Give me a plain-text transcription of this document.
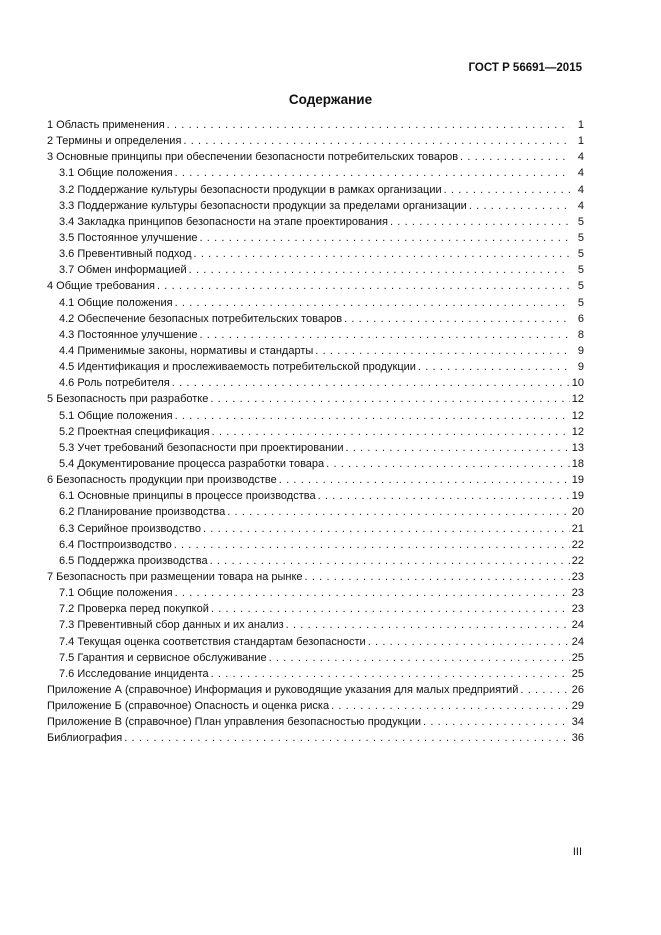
ГОСТ Р 56691—2015
Содержание
1 Область применения . . .	1
2 Термины и определения . . .	1
3 Основные принципы при обеспечении безопасности потребительских товаров . . .	4
3.1 Общие положения . . .	4
3.2 Поддержание культуры безопасности продукции в рамках организации . . .	4
3.3 Поддержание культуры безопасности продукции за пределами организации . . .	4
3.4 Закладка принципов безопасности на этапе проектирования . . .	5
3.5 Постоянное улучшение . . .	5
3.6 Превентивный подход . . .	5
3.7 Обмен информацией . . .	5
4 Общие требования . . .	5
4.1 Общие положения . . .	5
4.2 Обеспечение безопасных потребительских товаров . . .	6
4.3 Постоянное улучшение . . .	8
4.4 Применимые законы, нормативы и стандарты . . .	9
4.5 Идентификация и прослеживаемость потребительской продукции . . .	9
4.6 Роль потребителя . . .	10
5 Безопасность при разработке . . .	12
5.1 Общие положения . . .	12
5.2 Проектная спецификация . . .	12
5.3 Учет требований безопасности при проектировании . . .	13
5.4 Документирование процесса разработки товара . . .	18
6 Безопасность продукции при производстве . . .	19
6.1 Основные принципы в процессе производства . . .	19
6.2 Планирование производства . . .	20
6.3 Серийное производство . . .	21
6.4 Постпроизводство . . .	22
6.5 Поддержка производства . . .	22
7 Безопасность при размещении товара на рынке . . .	23
7.1 Общие положения . . .	23
7.2 Проверка перед покупкой . . .	23
7.3 Превентивный сбор данных и их анализ . . .	24
7.4 Текущая оценка соответствия стандартам безопасности . . .	24
7.5 Гарантия и сервисное обслуживание . . .	25
7.6 Исследование инцидента . . .	25
Приложение А (справочное) Информация и руководящие указания для малых предприятий . . .	26
Приложение Б (справочное) Опасность и оценка риска . . .	29
Приложение В (справочное) План управления безопасностью продукции . . .	34
Библиография . . .	36
III
